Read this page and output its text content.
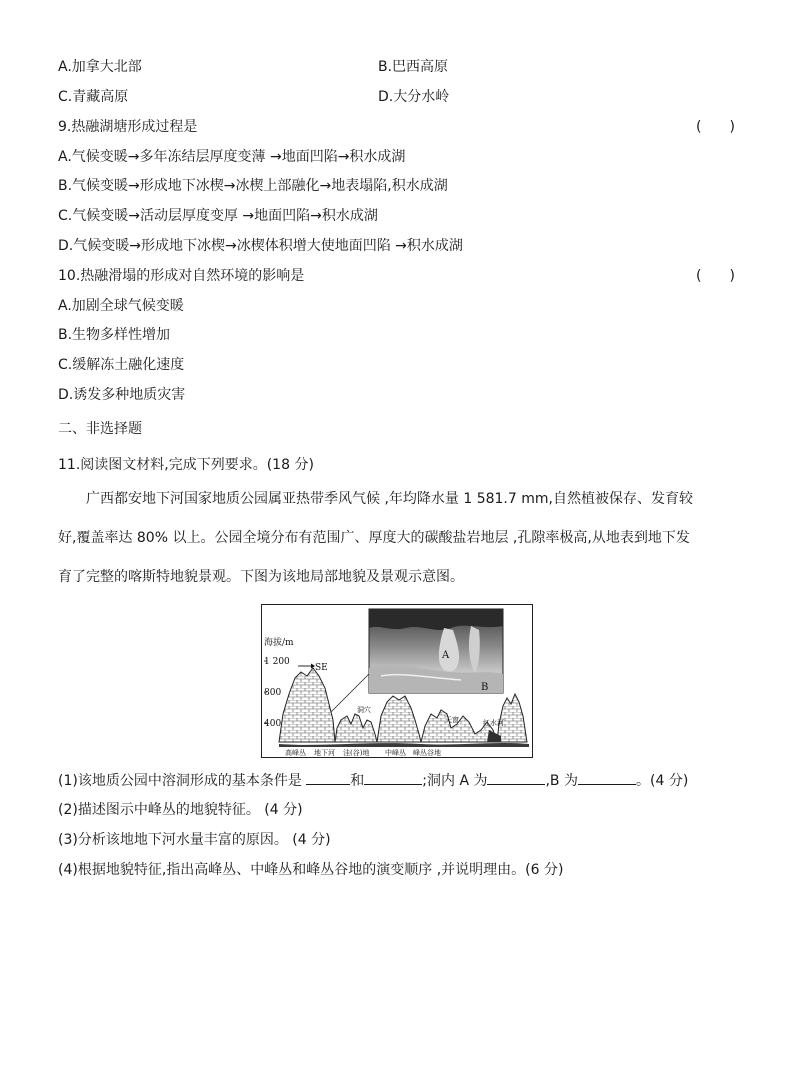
A.加拿大北部	B.巴西高原
C.青藏高原	D.大分水岭
9.热融湖塘形成过程是	(　　)
A.气候变暖→多年冻结层厚度变薄 →地面凹陷→积水成湖
B.气候变暖→形成地下冰楔→冰楔上部融化→地表塌陷,积水成湖
C.气候变暖→活动层厚度变厚 →地面凹陷→积水成湖
D.气候变暖→形成地下冰楔→冰楔体积增大使地面凹陷 →积水成湖
10.热融滑塌的形成对自然环境的影响是	(　　)
A.加剧全球气候变暖
B.生物多样性增加
C.缓解冻土融化速度
D.诱发多种地质灾害
二、非选择题
11.阅读图文材料,完成下列要求。(18 分)
广西都安地下河国家地质公园属亚热带季风气候 ,年均降水量 1 581.7 mm,自然植被保存、发育较
好,覆盖率达 80% 以上。公园全境分布有范围广、厚度大的碳酸盐岩地层 ,孔隙率极高,从地表到地下发
育了完整的喀斯特地貌景观。下图为该地局部地貌及景观示意图。
A
B
海拔/m
1 200
800
400
SE
洞穴
天窗	红水河
高峰丛 地下河 洼(谷)地 中峰丛 峰丛谷地
(1)该地质公园中溶洞形成的基本条件是	和	;洞内 A 为	,B 为	。(4 分)
(2)描述图示中峰丛的地貌特征。 (4 分)
(3)分析该地地下河水量丰富的原因。 (4 分)
(4)根据地貌特征,指出高峰丛、中峰丛和峰丛谷地的演变顺序 ,并说明理由。(6 分)
